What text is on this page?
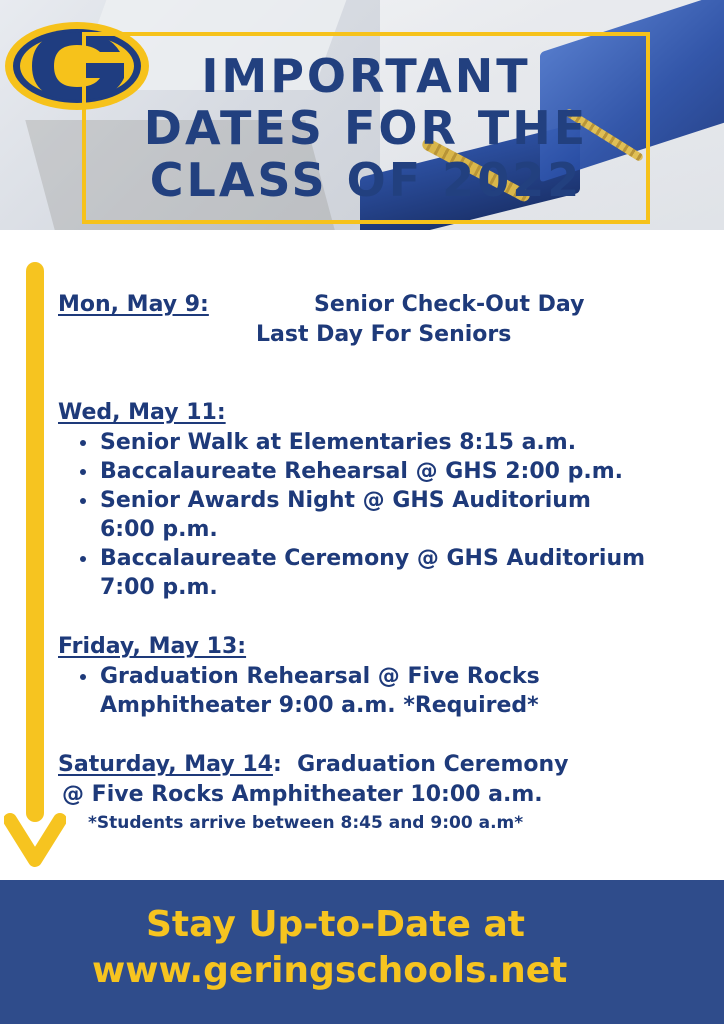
IMPORTANT
DATES FOR THE
CLASS OF 2022
Mon, May 9:	Senior Check-Out Day
Last Day For Seniors
Wed, May 11:
Senior Walk at Elementaries 8:15 a.m.
Baccalaureate Rehearsal @ GHS 2:00 p.m.
Senior Awards Night @ GHS Auditorium
6:00 p.m.
Baccalaureate Ceremony @ GHS Auditorium
7:00 p.m.
Friday, May 13:
Graduation Rehearsal @ Five Rocks
Amphitheater 9:00 a.m. *Required*
Saturday, May 14: Graduation Ceremony
@ Five Rocks Amphitheater 10:00 a.m.
*Students arrive between 8:45 and 9:00 a.m*
Stay Up-to-Date at
www.geringschools.net
